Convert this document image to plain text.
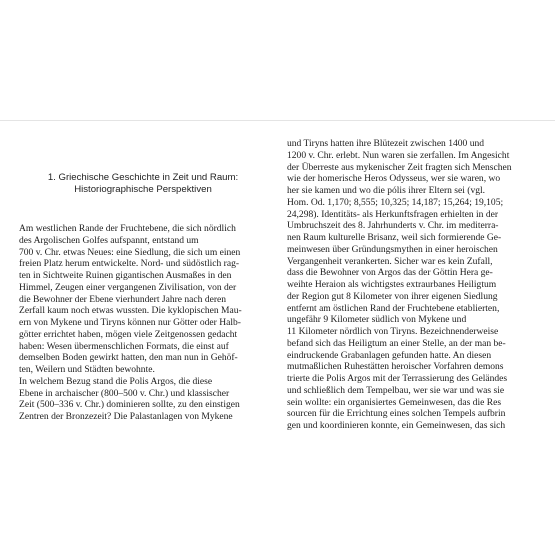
1. Griechische Geschichte in Zeit und Raum:
Historiographische Perspektiven
Am westlichen Rande der Fruchtebene, die sich nördlich
des Argolischen Golfes aufspannt, entstand um
700 v. Chr. etwas Neues: eine Siedlung, die sich um einen
freien Platz herum entwickelte. Nord- und südöstlich rag-
ten in Sichtweite Ruinen gigantischen Ausmaßes in den
Himmel, Zeugen einer vergangenen Zivilisation, von der
die Bewohner der Ebene vierhundert Jahre nach deren
Zerfall kaum noch etwas wussten. Die kyklopischen Mau-
ern von Mykene und Tiryns können nur Götter oder Halb-
götter errichtet haben, mögen viele Zeitgenossen gedacht
haben: Wesen übermenschlichen Formats, die einst auf
demselben Boden gewirkt hatten, den man nun in Gehöf-
ten, Weilern und Städten bewohnte.
In welchem Bezug stand die Polis Argos, die diese
Ebene in archaischer (800–500 v. Chr.) und klassischer
Zeit (500–336 v. Chr.) dominieren sollte, zu den einstigen
Zentren der Bronzezeit? Die Palastanlagen von Mykene
und Tiryns hatten ihre Blütezeit zwischen 1400 und
1200 v. Chr. erlebt. Nun waren sie zerfallen. Im Angesicht
der Überreste aus mykenischer Zeit fragten sich Menschen
wie der homerische Heros Odysseus, wer sie waren, wo
her sie kamen und wo die pólis ihrer Eltern sei (vgl.
Hom. Od. 1,170; 8,555; 10,325; 14,187; 15,264; 19,105;
24,298). Identitäts- als Herkunftsfragen erhielten in der
Umbruchszeit des 8. Jahrhunderts v. Chr. im mediterra-
nen Raum kulturelle Brisanz, weil sich formierende Ge-
meinwesen über Gründungsmythen in einer heroischen
Vergangenheit verankerten. Sicher war es kein Zufall,
dass die Bewohner von Argos das der Göttin Hera ge-
weihte Heraion als wichtigstes extraurbanes Heiligtum
der Region gut 8 Kilometer von ihrer eigenen Siedlung
entfernt am östlichen Rand der Fruchtebene etablierten,
ungefähr 9 Kilometer südlich von Mykene und
11 Kilometer nördlich von Tiryns. Bezeichnenderweise
befand sich das Heiligtum an einer Stelle, an der man be-
eindruckende Grabanlagen gefunden hatte. An diesen
mutmaßlichen Ruhestätten heroischer Vorfahren demons
trierte die Polis Argos mit der Terrassierung des Geländes
und schließlich dem Tempelbau, wer sie war und was sie
sein wollte: ein organisiertes Gemeinwesen, das die Res
sourcen für die Errichtung eines solchen Tempels aufbrin
gen und koordinieren konnte, ein Gemeinwesen, das sich
